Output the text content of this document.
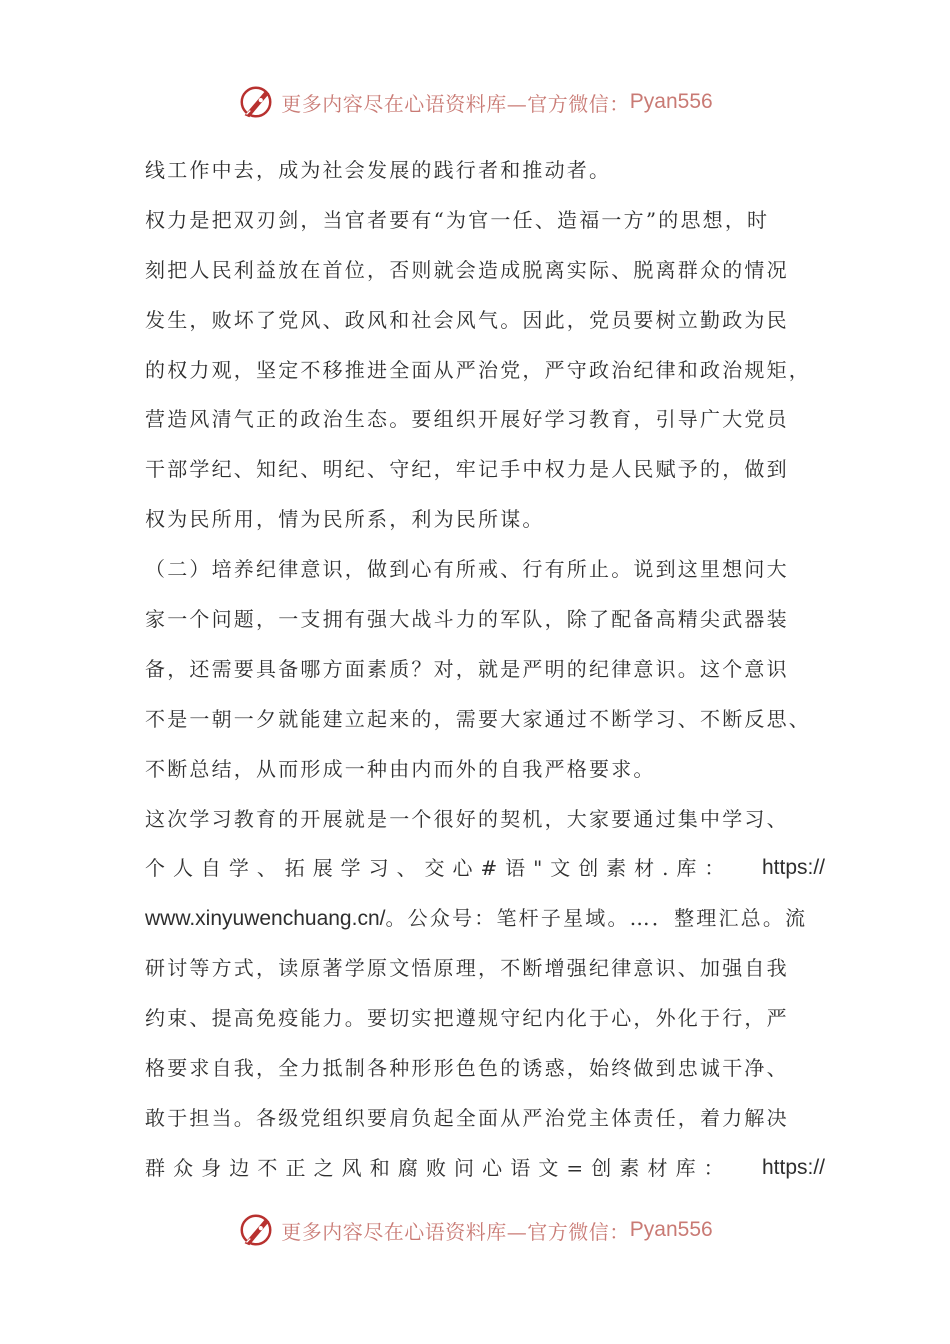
更多内容尽在心语资料库—官方微信： Pyan556
线工作中去，成为社会发展的践行者和推动者。
权力是把双刃剑，当官者要有“为官一任、造福一方”的思想，时
刻把人民利益放在首位，否则就会造成脱离实际、脱离群众的情况
发生，败坏了党风、政风和社会风气。因此，党员要树立勤政为民
的权力观，坚定不移推进全面从严治党，严守政治纪律和政治规矩，
营造风清气正的政治生态。要组织开展好学习教育，引导广大党员
干部学纪、知纪、明纪、守纪，牢记手中权力是人民赋予的，做到
权为民所用，情为民所系，利为民所谋。
（二）培养纪律意识，做到心有所戒、行有所止。说到这里想问大
家一个问题，一支拥有强大战斗力的军队，除了配备高精尖武器装
备，还需要具备哪方面素质？对，就是严明的纪律意识。这个意识
不是一朝一夕就能建立起来的，需要大家通过不断学习、不断反思、
不断总结，从而形成一种由内而外的自我严格要求。
这次学习教育的开展就是一个很好的契机，大家要通过集中学习、
个人自学、拓展学习、交心#语"文创素材.库： https://
www.xinyuwenchuang.cn/。公众号：笔杆子星域。…．整理汇总。流
研讨等方式，读原著学原文悟原理，不断增强纪律意识、加强自我
约束、提高免疫能力。要切实把遵规守纪内化于心，外化于行，严
格要求自我，全力抵制各种形形色色的诱惑，始终做到忠诚干净、
敢于担当。各级党组织要肩负起全面从严治党主体责任，着力解决
群众身边不正之风和腐败问心语文=创素材库： https://
更多内容尽在心语资料库—官方微信： Pyan556
